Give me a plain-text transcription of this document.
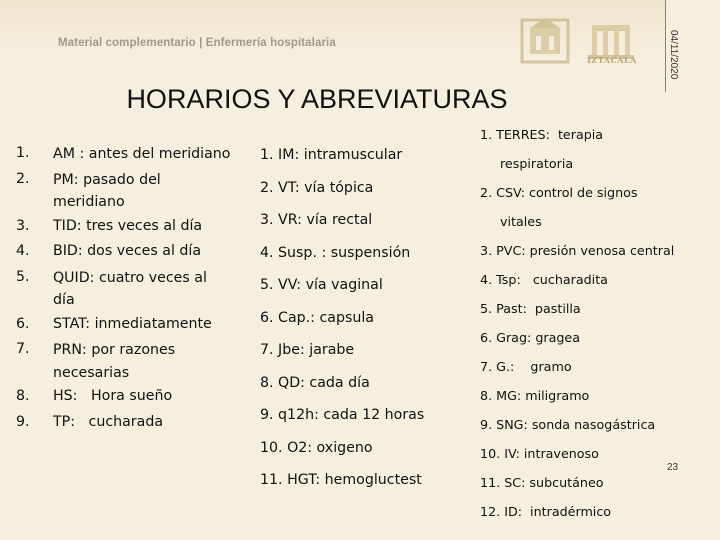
Material complementario | Enfermería hospitalaria
IZTACALA	04/11/2020
HORARIOS Y ABREVIATURAS
1.	AM : antes del meridiano
2.	PM: pasado del meridiano
3.	TID: tres veces al día
4.	BID: dos veces al día
5.	QUID: cuatro veces al día
6.	STAT: inmediatamente
7.	PRN: por razones necesarias
8.	HS:   Hora sueño
9.	TP:   cucharada
1. IM: intramuscular
2. VT: vía tópica
3. VR: vía rectal
4. Susp. : suspensión
5. VV: vía vaginal
6. Cap.: capsula
7. Jbe: jarabe
8. QD: cada día
9. q12h: cada 12 horas
10. O2: oxigeno
11. HGT: hemogluctest
1. TERRES:  terapia
respiratoria
2. CSV: control de signos
vitales
3. PVC: presión venosa central
4. Tsp:   cucharadita
5. Past:  pastilla
6. Grag: gragea
7. G.:    gramo
8. MG: miligramo
9. SNG: sonda nasogástrica
10. IV: intravenoso
11. SC: subcutáneo
12. ID:  intradérmico
23
